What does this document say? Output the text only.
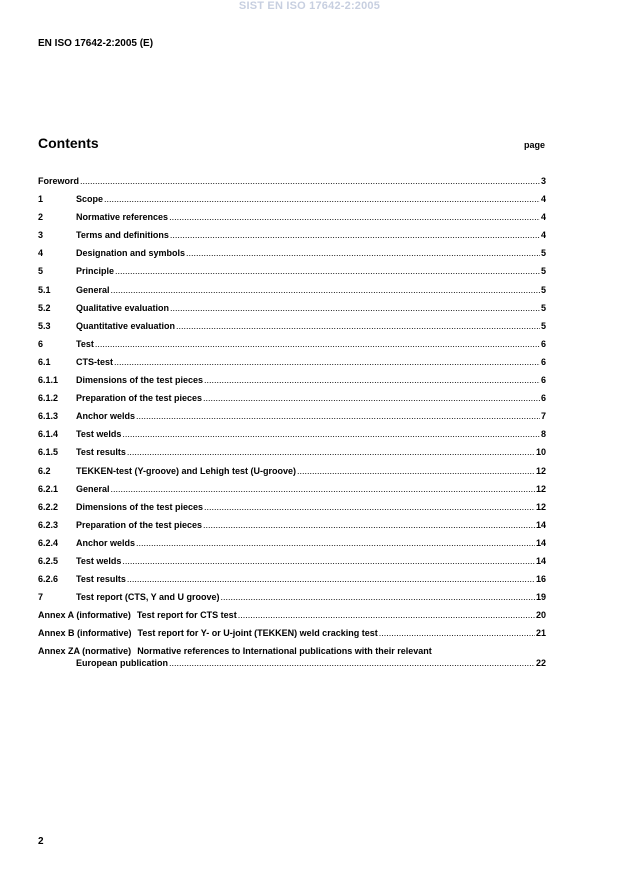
SIST EN ISO 17642-2:2005
EN ISO 17642-2:2005 (E)
Contents	page
Foreword .....	3
1	Scope .....	4
2	Normative references .....	4
3	Terms and definitions .....	4
4	Designation and symbols .....	5
5	Principle .....	5
5.1	General .....	5
5.2	Qualitative evaluation .....	5
5.3	Quantitative evaluation .....	5
6	Test .....	6
6.1	CTS-test .....	6
6.1.1	Dimensions of the test pieces .....	6
6.1.2	Preparation of the test pieces .....	6
6.1.3	Anchor welds .....	7
6.1.4	Test welds .....	8
6.1.5	Test results .....	10
6.2	TEKKEN-test (Y-groove) and Lehigh test (U-groove) .....	12
6.2.1	General .....	12
6.2.2	Dimensions of the test pieces .....	12
6.2.3	Preparation of the test pieces .....	14
6.2.4	Anchor welds .....	14
6.2.5	Test welds .....	14
6.2.6	Test results .....	16
7	Test report (CTS, Y and U groove) .....	19
Annex A (informative) Test report for CTS test .....	20
Annex B (informative) Test report for Y- or U-joint (TEKKEN) weld cracking test .....	21
Annex ZA (normative) Normative references to International publications with their relevant
European publication .....	22
2
